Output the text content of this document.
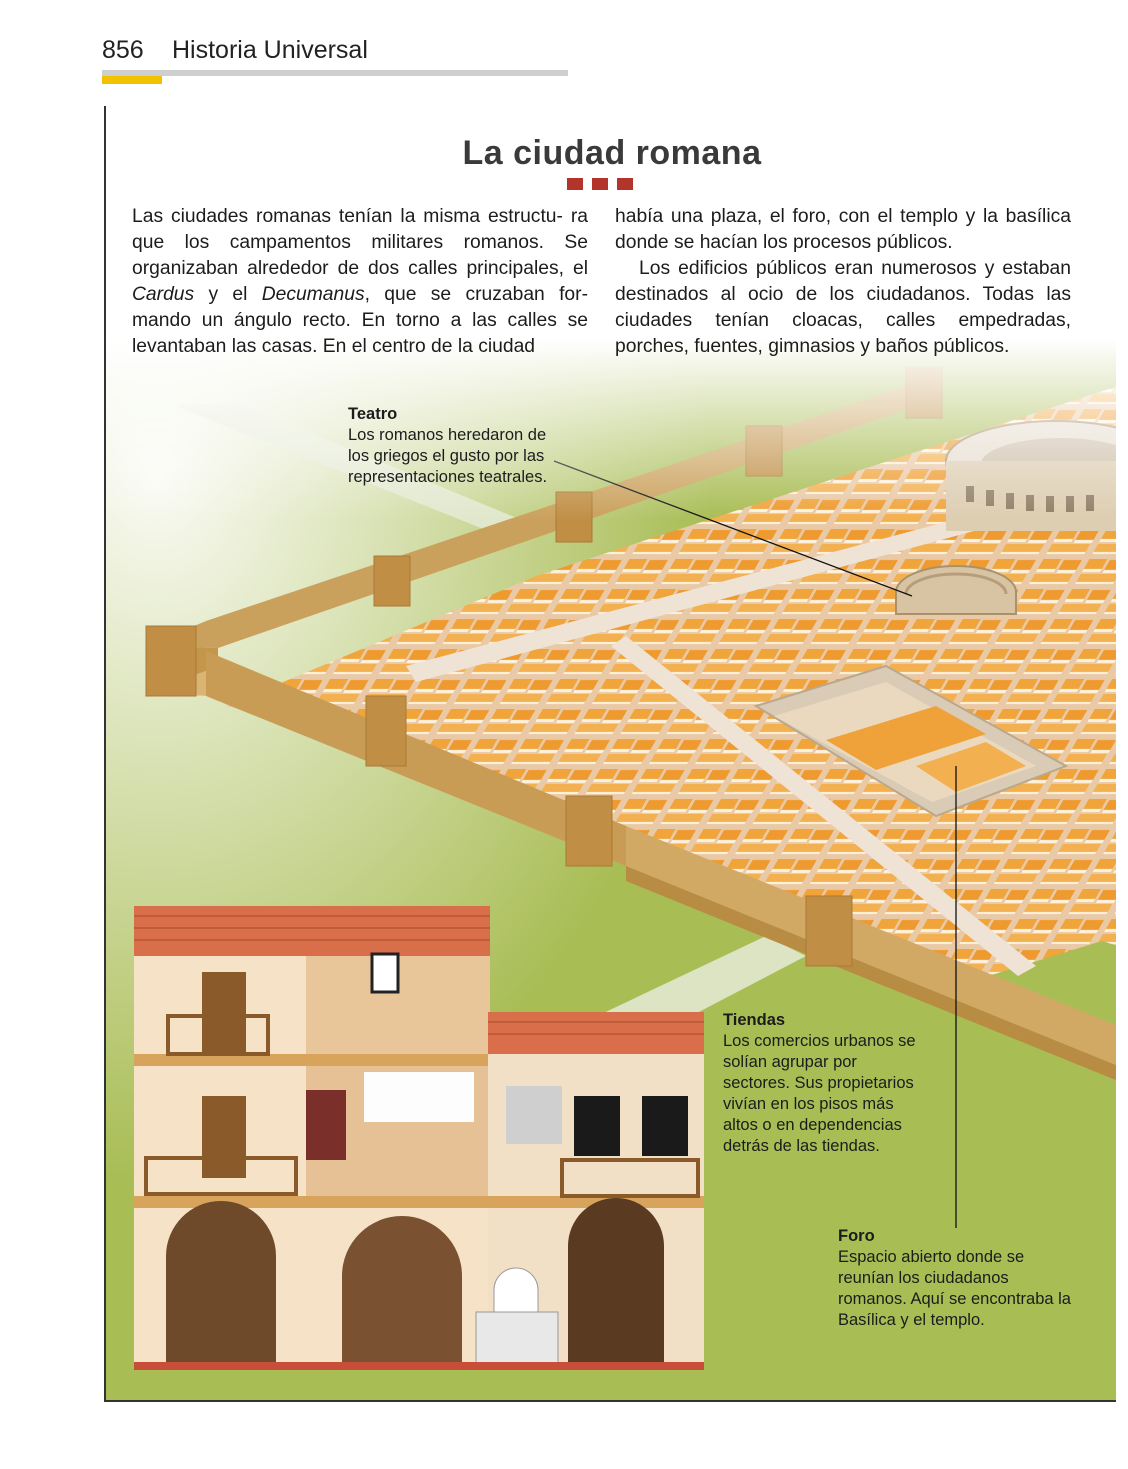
856 Historia Universal
La ciudad romana

Las ciudades romanas tenían la misma estructu- ra que los campamentos militares romanos. Se organizaban alrededor de dos calles principales, el Cardus y el Decumanus, que se cruzaban for- mando un ángulo recto. En torno a las calles se levantaban las casas. En el centro de la ciudad

había una plaza, el foro, con el templo y la basílica donde se hacían los procesos públicos.

Los edificios públicos eran numerosos y estaban destinados al ocio de los ciudadanos. Todas las ciudades tenían cloacas, calles empedradas, porches, fuentes, gimnasios y baños públicos.

Teatro
Los romanos heredaron de los griegos el gusto por las representaciones teatrales.
Tiendas
Los comercios urbanos se solían agrupar por sectores. Sus propietarios vivían en los pisos más altos o en dependencias detrás de las tiendas.
Foro
Espacio abierto donde se reunían los ciudadanos romanos. Aquí se encontraba la Basílica y el templo.
